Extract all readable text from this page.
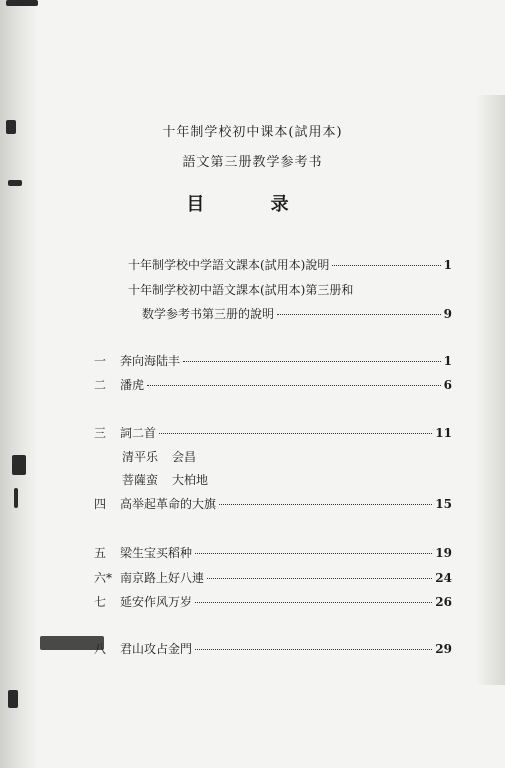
十年制学校初中课本(試用本)
語文第三册教学参考书
目 录
十年制学校中学語文課本(試用本)說明	1
十年制学校初中語文課本(試用本)第三册和
数学参考书第三册的說明	9
一	奔向海陆丰	1
二	潘虎	6
三	詞二首	11
清平乐 会昌
菩薩蛮 大柏地
四	高举起革命的大旗	15
五	梁生宝买稻种	19
六* 南京路上好八連	24
七	延安作风万岁	26
八	君山攻占金門	29
